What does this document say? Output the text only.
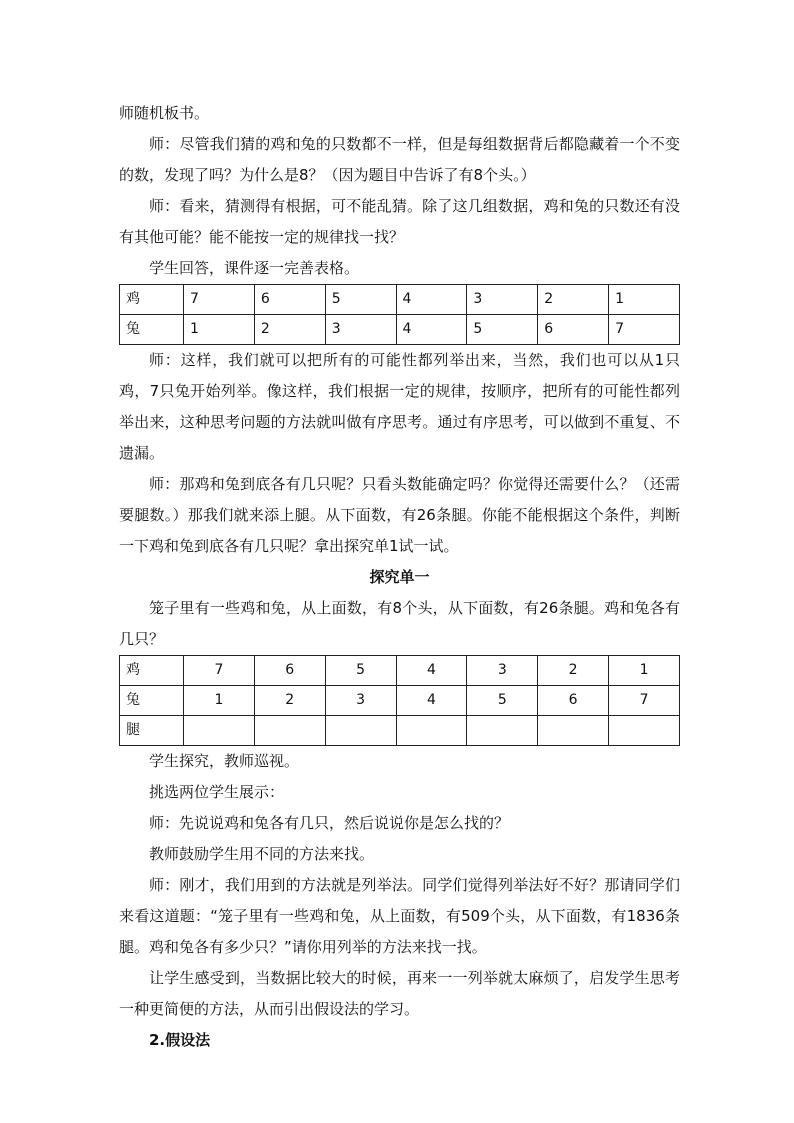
师随机板书。

师：尽管我们猜的鸡和兔的只数都不一样，但是每组数据背后都隐藏着一个不变的数，发现了吗？为什么是8？（因为题目中告诉了有8个头。）

师：看来，猜测得有根据，可不能乱猜。除了这几组数据，鸡和兔的只数还有没有其他可能？能不能按一定的规律找一找？

学生回答，课件逐一完善表格。

鸡	7	6	5	4	3	2	1
兔	1	2	3	4	5	6	7

师：这样，我们就可以把所有的可能性都列举出来，当然，我们也可以从1只鸡，7只兔开始列举。像这样，我们根据一定的规律，按顺序，把所有的可能性都列举出来，这种思考问题的方法就叫做有序思考。通过有序思考，可以做到不重复、不遗漏。

师：那鸡和兔到底各有几只呢？只看头数能确定吗？你觉得还需要什么？（还需要腿数。）那我们就来添上腿。从下面数，有26条腿。你能不能根据这个条件，判断一下鸡和兔到底各有几只呢？拿出探究单1试一试。

探究单一

笼子里有一些鸡和兔，从上面数，有8个头，从下面数，有26条腿。鸡和兔各有几只？

鸡	7	6	5	4	3	2	1
兔	1	2	3	4	5	6	7
腿							

学生探究，教师巡视。

挑选两位学生展示：

师：先说说鸡和兔各有几只，然后说说你是怎么找的？

教师鼓励学生用不同的方法来找。

师：刚才，我们用到的方法就是列举法。同学们觉得列举法好不好？那请同学们来看这道题：“笼子里有一些鸡和兔，从上面数，有509个头，从下面数，有1836条腿。鸡和兔各有多少只？”请你用列举的方法来找一找。

让学生感受到，当数据比较大的时候，再来一一列举就太麻烦了，启发学生思考一种更简便的方法，从而引出假设法的学习。

2.假设法
